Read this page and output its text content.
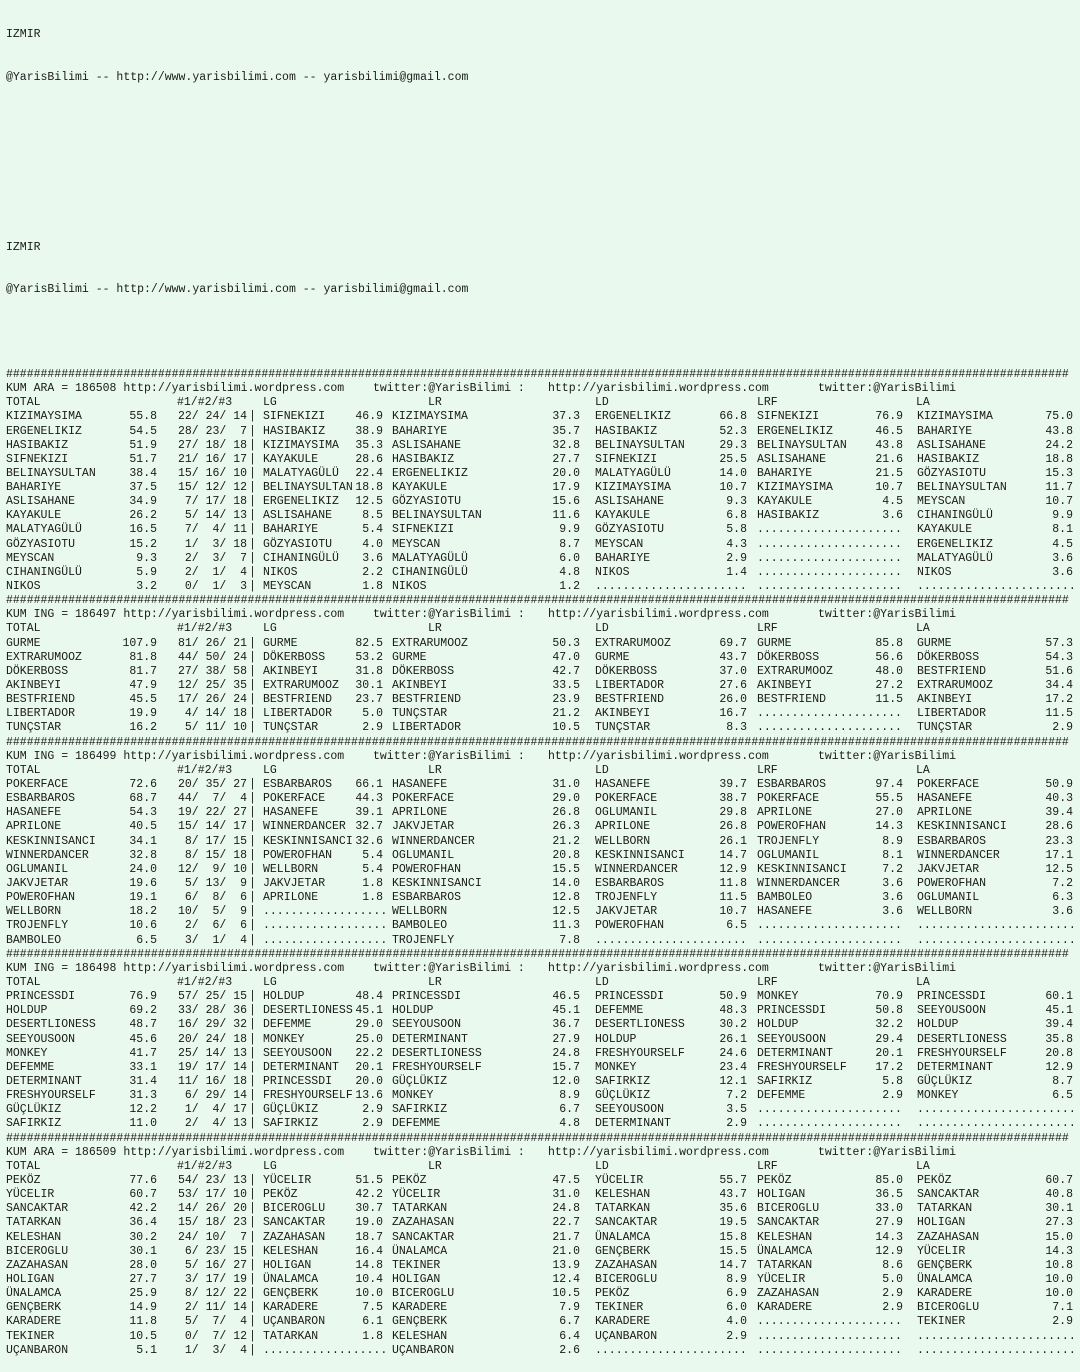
IZMIR

@YarisBilimi -- http://www.yarisbilimi.com -- yarisbilimi@gmail.com

IZMIR

@YarisBilimi -- http://www.yarisbilimi.com -- yarisbilimi@gmail.com

##########################################################################################################################################################
KUM ARA = 186508 http://yarisbilimi.wordpress.com	twitter:@YarisBilimi : http://yarisbilimi.wordpress.com	twitter:@YarisBilimi
TOTAL	#1/#2/#3	LG	LR	LD	LRF	LA
KIZIMAYSIMA	55.8	22/ 24/ 14 | SIFNEKIZI	46.9 KIZIMAYSIMA	37.3 ERGENELIKIZ	66.8 SIFNEKIZI	76.9 KIZIMAYSIMA	75.0
ERGENELIKIZ	54.5	28/ 23/  7 | HASIBAKIZ	38.9 BAHARIYE	35.7 HASIBAKIZ	52.3 ERGENELIKIZ	46.5 BAHARIYE	43.8
HASIBAKIZ	51.9	27/ 18/ 18 | KIZIMAYSIMA	35.3 ASLISAHANE	32.8 BELINAYSULTAN	29.3 BELINAYSULTAN	43.8 ASLISAHANE	24.2
SIFNEKIZI	51.7	21/ 16/ 17 | KAYAKULE	28.6 HASIBAKIZ	27.7 SIFNEKIZI	25.5 ASLISAHANE	21.6 HASIBAKIZ	18.8
BELINAYSULTAN	38.4	15/ 16/ 10 | MALATYAGÜLÜ	22.4 ERGENELIKIZ	20.0 MALATYAGÜLÜ	14.0 BAHARIYE	21.5 GÖZYASIOTU	15.3
BAHARIYE	37.5	15/ 12/ 12 | BELINAYSULTAN 18.8 KAYAKULE	17.9 KIZIMAYSIMA	10.7 KIZIMAYSIMA	10.7 BELINAYSULTAN	11.7
ASLISAHANE	34.9	7/ 17/ 18 | ERGENELIKIZ	12.5 GÖZYASIOTU	15.6 ASLISAHANE	9.3 KAYAKULE	4.5 MEYSCAN	10.7
KAYAKULE	26.2	5/ 14/ 13 | ASLISAHANE	8.5 BELINAYSULTAN	11.6 KAYAKULE	6.8 HASIBAKIZ	3.6 CIHANINGÜLÜ	9.9
MALATYAGÜLÜ	16.5	7/  4/ 11 | BAHARIYE	5.4 SIFNEKIZI	9.9 GÖZYASIOTU	5.8 ..................... KAYAKULE	8.1
GÖZYASIOTU	15.2	1/  3/ 18 | GÖZYASIOTU	4.0 MEYSCAN	8.7 MEYSCAN	4.3 ..................... ERGENELIKIZ	4.5
MEYSCAN	9.3	2/  3/  7 | CIHANINGÜLÜ	3.6 MALATYAGÜLÜ	6.0 BAHARIYE	2.9 ..................... MALATYAGÜLÜ	3.6
CIHANINGÜLÜ	5.9	2/  1/  4 | NIKOS	2.2 CIHANINGÜLÜ	4.8 NIKOS	1.4 ..................... NIKOS	3.6
NIKOS	3.2	0/  1/  3 | MEYSCAN	1.8 NIKOS	1.2 ...................... ..................... .......................
##########################################################################################################################################################
KUM ING = 186497 http://yarisbilimi.wordpress.com	twitter:@YarisBilimi : http://yarisbilimi.wordpress.com	twitter:@YarisBilimi
TOTAL	#1/#2/#3	LG	LR	LD	LRF	LA
GURME	107.9	81/ 26/ 21 | GURME	82.5 EXTRARUMOOZ	50.3 EXTRARUMOOZ	69.7 GURME	85.8 GURME	57.3
EXTRARUMOOZ	81.8	44/ 50/ 24 | DÖKERBOSS	53.2 GURME	47.0 GURME	43.7 DÖKERBOSS	56.6 DÖKERBOSS	54.3
DÖKERBOSS	81.7	27/ 38/ 58 | AKINBEYI	31.8 DÖKERBOSS	42.7 DÖKERBOSS	37.0 EXTRARUMOOZ	48.0 BESTFRIEND	51.6
AKINBEYI	47.9	12/ 25/ 35 | EXTRARUMOOZ	30.1 AKINBEYI	33.5 LIBERTADOR	27.6 AKINBEYI	27.2 EXTRARUMOOZ	34.4
BESTFRIEND	45.5	17/ 26/ 24 | BESTFRIEND	23.7 BESTFRIEND	23.9 BESTFRIEND	26.0 BESTFRIEND	11.5 AKINBEYI	17.2
LIBERTADOR	19.9	4/ 14/ 18 | LIBERTADOR	5.0 TUNÇSTAR	21.2 AKINBEYI	16.7 ..................... LIBERTADOR	11.5
TUNÇSTAR	16.2	5/ 11/ 10 | TUNÇSTAR	2.9 LIBERTADOR	10.5 TUNÇSTAR	8.3 ..................... TUNÇSTAR	2.9
##########################################################################################################################################################
KUM ING = 186499 http://yarisbilimi.wordpress.com	twitter:@YarisBilimi : http://yarisbilimi.wordpress.com	twitter:@YarisBilimi
TOTAL	#1/#2/#3	LG	LR	LD	LRF	LA
POKERFACE	72.6	20/ 35/ 27 | ESBARBAROS	66.1 HASANEFE	31.0 HASANEFE	39.7 ESBARBAROS	97.4 POKERFACE	50.9
ESBARBAROS	68.7	44/  7/  4 | POKERFACE	44.3 POKERFACE	29.0 POKERFACE	38.7 POKERFACE	55.5 HASANEFE	40.3
HASANEFE	54.3	19/ 22/ 27 | HASANEFE	39.1 APRILONE	26.8 OGLUMANIL	29.8 APRILONE	27.0 APRILONE	39.4
APRILONE	40.5	15/ 14/ 17 | WINNERDANCER 32.7 JAKVJETAR	26.3 APRILONE	26.8 POWEROFHAN	14.3 KESKINNISANCI	28.6
KESKINNISANCI	34.1	8/ 17/ 15 | KESKINNISANCI 32.6 WINNERDANCER	21.2 WELLBORN	26.1 TROJENFLY	8.9 ESBARBAROS	23.3
WINNERDANCER	32.8	8/ 15/ 18 | POWEROFHAN	5.4 OGLUMANIL	20.8 KESKINNISANCI	14.7 OGLUMANIL	8.1 WINNERDANCER	17.1
OGLUMANIL	24.0	12/  9/ 10 | WELLBORN	5.4 POWEROFHAN	15.5 WINNERDANCER	12.9 KESKINNISANCI	7.2 JAKVJETAR	12.5
JAKVJETAR	19.6	5/ 13/  9 | JAKVJETAR	1.8 KESKINNISANCI	14.0 ESBARBAROS	11.8 WINNERDANCER	3.6 POWEROFHAN	7.2
POWEROFHAN	19.1	6/  8/  6 | APRILONE	1.8 ESBARBAROS	12.8 TROJENFLY	11.5 BAMBOLEO	3.6 OGLUMANIL	6.3
WELLBORN	18.2	10/  5/  9 | .................. WELLBORN	12.5 JAKVJETAR	10.7 HASANEFE	3.6 WELLBORN	3.6
TROJENFLY	10.6	2/  6/  6 | .................. BAMBOLEO	11.3 POWEROFHAN	6.5 ..................... .......................
BAMBOLEO	6.5	3/  1/  4 | .................. TROJENFLY	7.8 ...................... ..................... .......................
##########################################################################################################################################################
KUM ING = 186498 http://yarisbilimi.wordpress.com	twitter:@YarisBilimi : http://yarisbilimi.wordpress.com	twitter:@YarisBilimi
TOTAL	#1/#2/#3	LG	LR	LD	LRF	LA
PRINCESSDI	76.9	57/ 25/ 15 | HOLDUP	48.4 PRINCESSDI	46.5 PRINCESSDI	50.9 MONKEY	70.9 PRINCESSDI	60.1
HOLDUP	69.2	33/ 28/ 36 | DESERTLIONESS 45.1 HOLDUP	45.1 DEFEMME	48.3 PRINCESSDI	50.8 SEEYOUSOON	45.1
DESERTLIONESS	48.7	16/ 29/ 32 | DEFEMME	29.0 SEEYOUSOON	36.7 DESERTLIONESS	30.2 HOLDUP	32.2 HOLDUP	39.4
SEEYOUSOON	45.6	20/ 24/ 18 | MONKEY	25.0 DETERMINANT	27.9 HOLDUP	26.1 SEEYOUSOON	29.4 DESERTLIONESS	35.8
MONKEY	41.7	25/ 14/ 13 | SEEYOUSOON	22.2 DESERTLIONESS	24.8 FRESHYOURSELF	24.6 DETERMINANT	20.1 FRESHYOURSELF	20.8
DEFEMME	33.1	19/ 17/ 14 | DETERMINANT	20.1 FRESHYOURSELF	15.7 MONKEY	23.4 FRESHYOURSELF	17.2 DETERMINANT	12.9
DETERMINANT	31.4	11/ 16/ 18 | PRINCESSDI	20.0 GÜÇLÜKIZ	12.0 SAFIRKIZ	12.1 SAFIRKIZ	5.8 GÜÇLÜKIZ	8.7
FRESHYOURSELF	31.3	6/ 29/ 14 | FRESHYOURSELF 13.6 MONKEY	8.9 GÜÇLÜKIZ	7.2 DEFEMME	2.9 MONKEY	6.5
GÜÇLÜKIZ	12.2	1/  4/ 17 | GÜÇLÜKIZ	2.9 SAFIRKIZ	6.7 SEEYOUSOON	3.5 ..................... .......................
SAFIRKIZ	11.0	2/  4/ 13 | SAFIRKIZ	2.9 DEFEMME	4.8 DETERMINANT	2.9 ..................... .......................
##########################################################################################################################################################
KUM ARA = 186509 http://yarisbilimi.wordpress.com	twitter:@YarisBilimi : http://yarisbilimi.wordpress.com	twitter:@YarisBilimi
TOTAL	#1/#2/#3	LG	LR	LD	LRF	LA
PEKÖZ	77.6	54/ 23/ 13 | YÜCELIR	51.5 PEKÖZ	47.5 YÜCELIR	55.7 PEKÖZ	85.0 PEKÖZ	60.7
YÜCELIR	60.7	53/ 17/ 10 | PEKÖZ	42.2 YÜCELIR	31.0 KELESHAN	43.7 HOLIGAN	36.5 SANCAKTAR	40.8
SANCAKTAR	42.2	14/ 26/ 20 | BICEROGLU	30.7 TATARKAN	24.8 TATARKAN	35.6 BICEROGLU	33.0 TATARKAN	30.1
TATARKAN	36.4	15/ 18/ 23 | SANCAKTAR	19.0 ZAZAHASAN	22.7 SANCAKTAR	19.5 SANCAKTAR	27.9 HOLIGAN	27.3
KELESHAN	30.2	24/ 10/  7 | ZAZAHASAN	18.7 SANCAKTAR	21.7 ÜNALAMCA	15.8 KELESHAN	14.3 ZAZAHASAN	15.0
BICEROGLU	30.1	6/ 23/ 15 | KELESHAN	16.4 ÜNALAMCA	21.0 GENÇBERK	15.5 ÜNALAMCA	12.9 YÜCELIR	14.3
ZAZAHASAN	28.0	5/ 16/ 27 | HOLIGAN	14.8 TEKINER	13.9 ZAZAHASAN	14.7 TATARKAN	8.6 GENÇBERK	10.8
HOLIGAN	27.7	3/ 17/ 19 | ÜNALAMCA	10.4 HOLIGAN	12.4 BICEROGLU	8.9 YÜCELIR	5.0 ÜNALAMCA	10.0
ÜNALAMCA	25.9	8/ 12/ 22 | GENÇBERK	10.0 BICEROGLU	10.5 PEKÖZ	6.9 ZAZAHASAN	2.9 KARADERE	10.0
GENÇBERK	14.9	2/ 11/ 14 | KARADERE	7.5 KARADERE	7.9 TEKINER	6.0 KARADERE	2.9 BICEROGLU	7.1
KARADERE	11.8	5/  7/  4 | UÇANBARON	6.1 GENÇBERK	6.7 KARADERE	4.0 ..................... TEKINER	2.9
TEKINER	10.5	0/  7/ 12 | TATARKAN	1.8 KELESHAN	6.4 UÇANBARON	2.9 ..................... .......................
UÇANBARON	5.1	1/  3/  4 | .................. UÇANBARON	2.6 ...................... ..................... .......................
